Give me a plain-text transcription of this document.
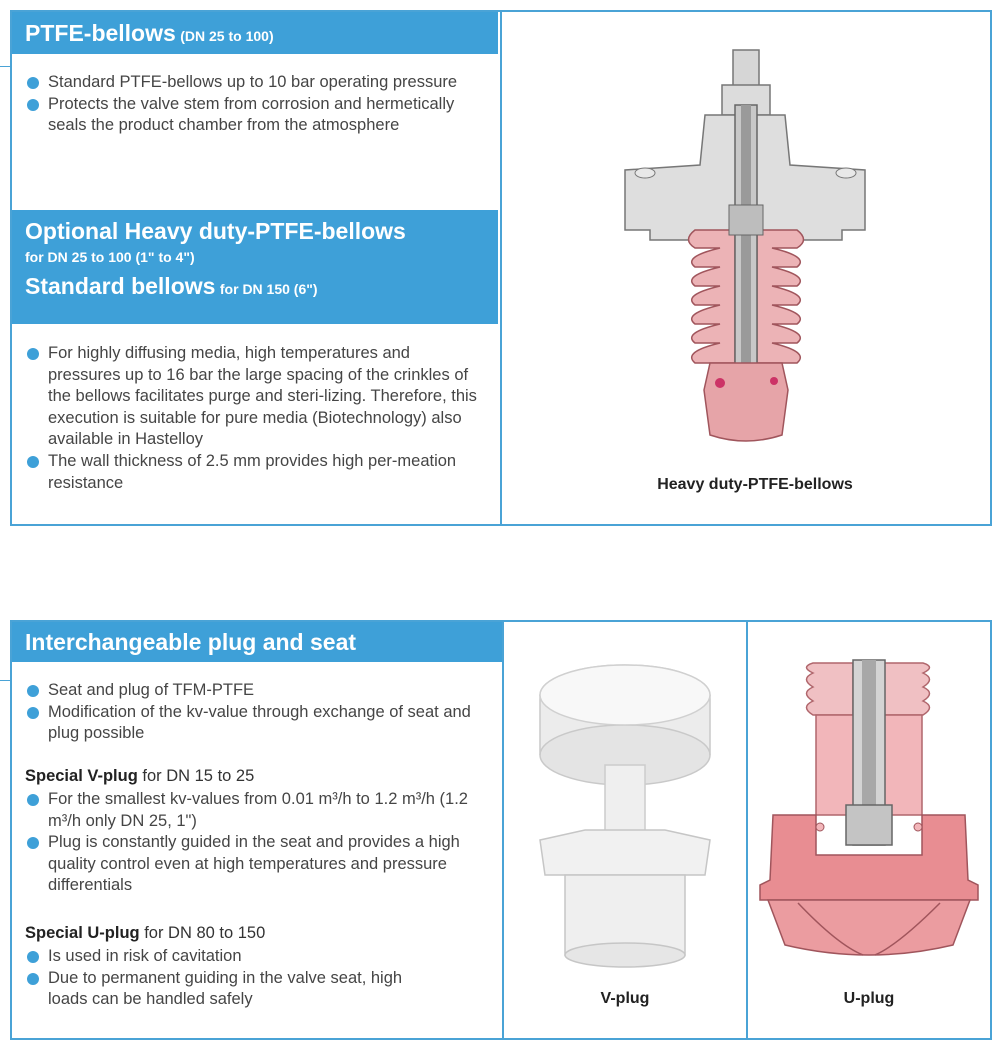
PTFE-bellows (DN 25 to 100)
Standard PTFE-bellows up to 10 bar operating pressure
Protects the valve stem from corrosion and hermetically seals the product chamber from the atmosphere
Optional Heavy duty-PTFE-bellows
for DN 25 to 100 (1" to 4")
Standard bellows for DN 150 (6")
For highly diffusing media, high temperatures and pressures up to 16 bar the large spacing of the crinkles of the bellows facilitates purge and steri-lizing. Therefore, this execution is suitable for pure media (Biotechnology) also available in Hastelloy
The wall thickness of 2.5 mm provides high per-meation resistance	Heavy duty-PTFE-bellows
Interchangeable plug and seat
Seat and plug of TFM-PTFE
Modification of the kv-value through exchange of seat and plug possible
Special V-plug for DN 15 to 25
For the smallest kv-values from 0.01 m³/h to 1.2 m³/h (1.2 m³/h only DN 25, 1")
Plug is constantly guided in the seat and provides a high quality control even at high temperatures and pressure differentials
Special U-plug for DN 80 to 150
Is used in risk of cavitation
Due to permanent guiding in the valve seat, high loads can be handled safely	V-plug	U-plug
